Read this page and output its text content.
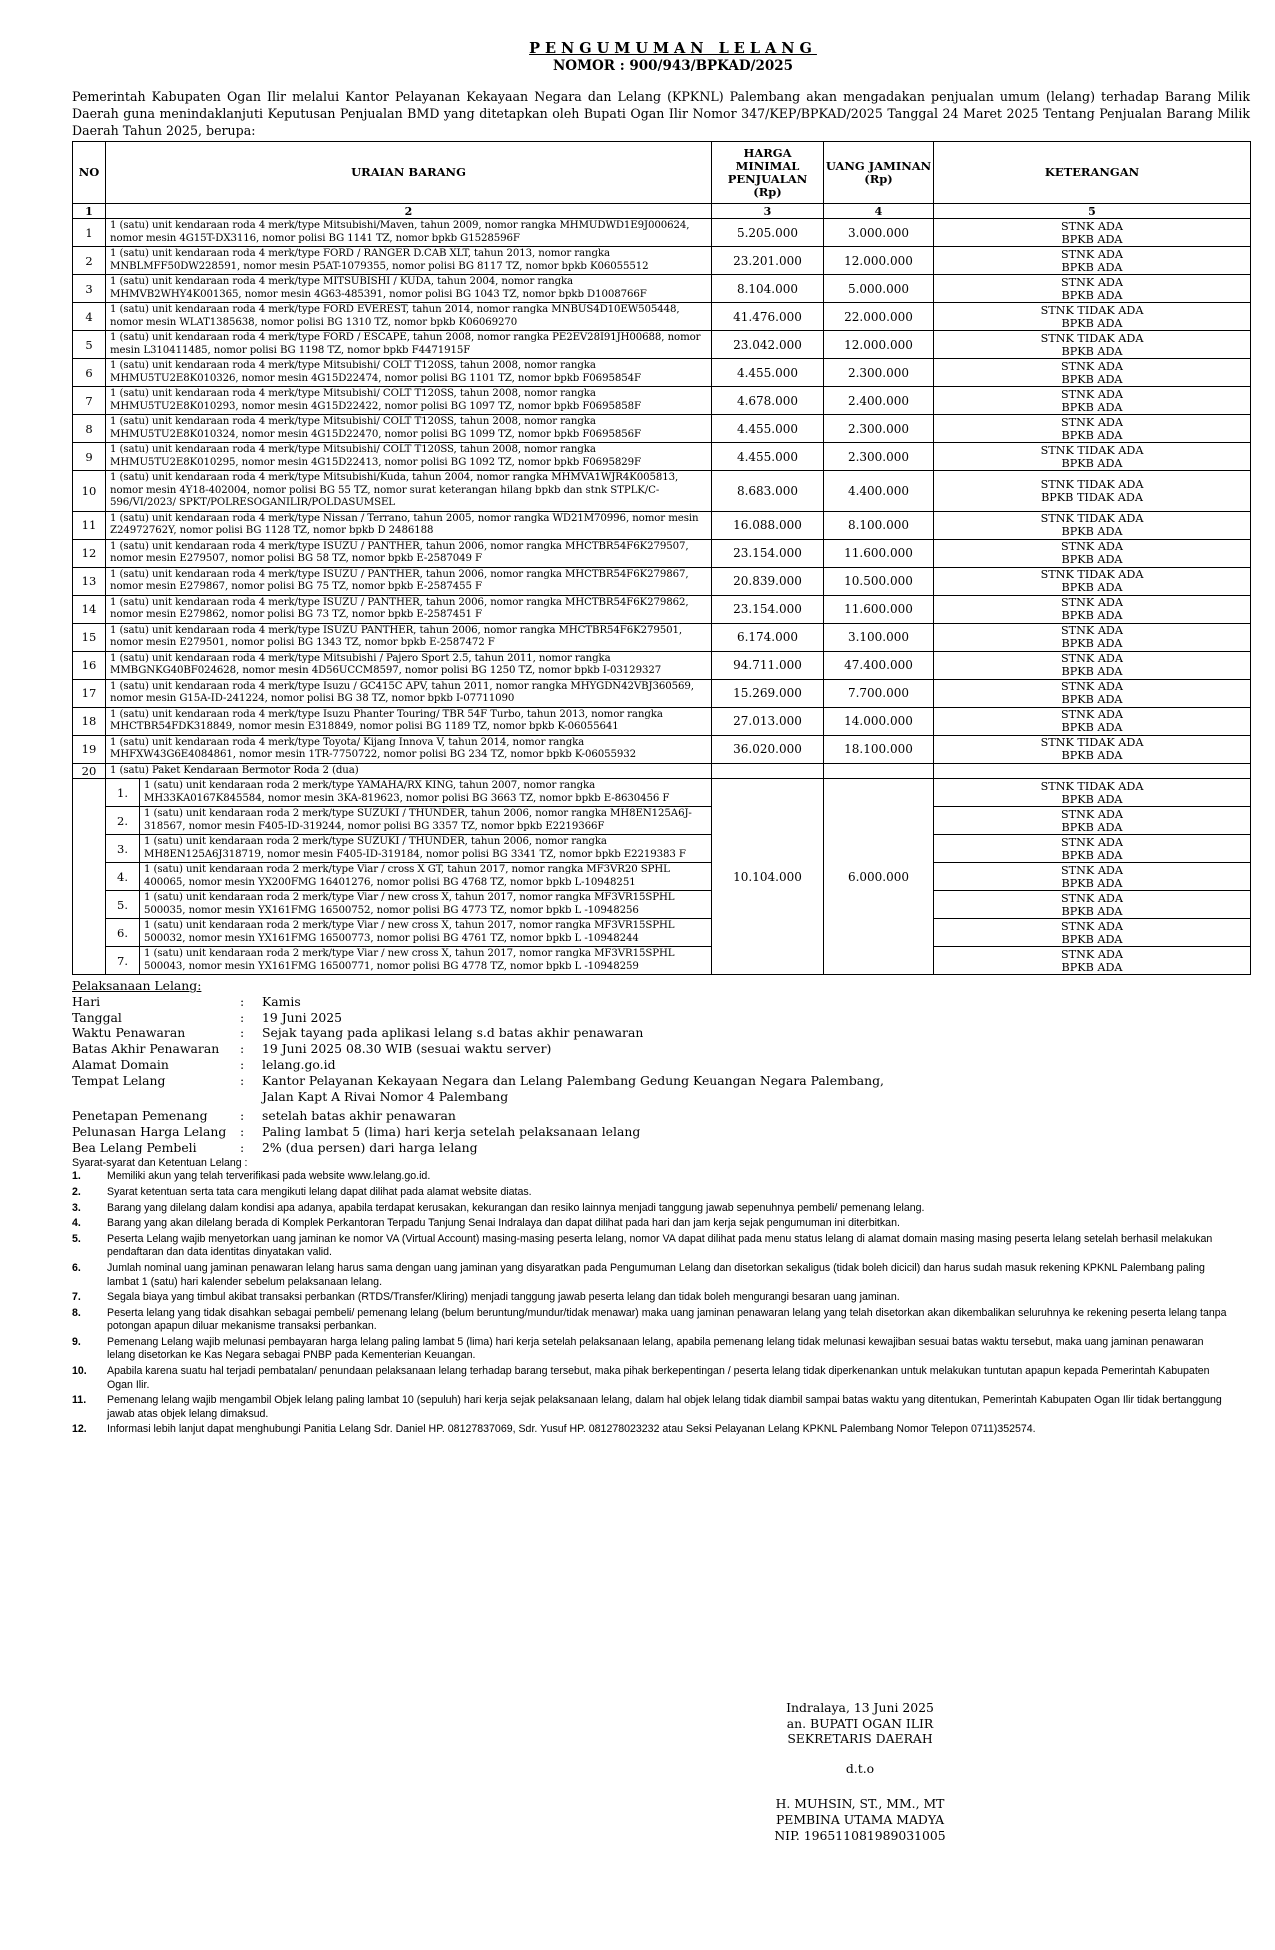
PENGUMUMAN LELANG
NOMOR : 900/943/BPKAD/2025
Pemerintah Kabupaten Ogan Ilir melalui Kantor Pelayanan Kekayaan Negara dan Lelang (KPKNL) Palembang akan mengadakan penjualan umum (lelang) terhadap Barang Milik Daerah guna menindaklanjuti Keputusan Penjualan BMD yang ditetapkan oleh Bupati Ogan Ilir Nomor 347/KEP/BPKAD/2025 Tanggal 24 Maret 2025 Tentang Penjualan Barang Milik Daerah Tahun 2025, berupa:
NO	URAIAN BARANG		HARGA MINIMAL PENJUALAN (Rp)	UANG JAMINAN (Rp)	KETERANGAN
1	2		3	4	5
1	1 (satu) unit kendaraan roda 4 merk/type Mitsubishi/Maven, tahun 2009, nomor rangka MHMUDWD1E9J000624, nomor mesin 4G15T-DX3116, nomor polisi BG 1141 TZ, nomor bpkb G1528596F		5.205.000	3.000.000	STNK ADA
BPKB ADA

2	1 (satu) unit kendaraan roda 4 merk/type FORD / RANGER D.CAB XLT, tahun 2013, nomor rangka MNBLMFF50DW228591, nomor mesin P5AT-1079355, nomor polisi BG 8117 TZ, nomor bpkb K06055512		23.201.000	12.000.000	STNK ADA
BPKB ADA

3	1 (satu) unit kendaraan roda 4 merk/type MITSUBISHI / KUDA, tahun 2004, nomor rangka MHMVB2WHY4K001365, nomor mesin 4G63-485391, nomor polisi BG 1043 TZ, nomor bpkb D1008766F		8.104.000	5.000.000	STNK ADA
BPKB ADA

4	1 (satu) unit kendaraan roda 4 merk/type FORD EVEREST, tahun 2014, nomor rangka MNBUS4D10EW505448, nomor mesin WLAT1385638, nomor polisi BG 1310 TZ, nomor bpkb K06069270		41.476.000	22.000.000	STNK TIDAK ADA
BPKB ADA

5	1 (satu) unit kendaraan roda 4 merk/type FORD / ESCAPE, tahun 2008, nomor rangka PE2EV28I91JH00688, nomor mesin L310411485, nomor polisi BG 1198 TZ, nomor bpkb F4471915F		23.042.000	12.000.000	STNK TIDAK ADA
BPKB ADA

6	1 (satu) unit kendaraan roda 4 merk/type Mitsubishi/ COLT T120SS, tahun 2008, nomor rangka MHMU5TU2E8K010326, nomor mesin 4G15D22474, nomor polisi BG 1101 TZ, nomor bpkb F0695854F		4.455.000	2.300.000	STNK ADA
BPKB ADA

7	1 (satu) unit kendaraan roda 4 merk/type Mitsubishi/ COLT T120SS, tahun 2008, nomor rangka MHMU5TU2E8K010293, nomor mesin 4G15D22422, nomor polisi BG 1097 TZ, nomor bpkb F0695858F		4.678.000	2.400.000	STNK ADA
BPKB ADA

8	1 (satu) unit kendaraan roda 4 merk/type Mitsubishi/ COLT T120SS, tahun 2008, nomor rangka MHMU5TU2E8K010324, nomor mesin 4G15D22470, nomor polisi BG 1099 TZ, nomor bpkb F0695856F		4.455.000	2.300.000	STNK ADA
BPKB ADA

9	1 (satu) unit kendaraan roda 4 merk/type Mitsubishi/ COLT T120SS, tahun 2008, nomor rangka MHMU5TU2E8K010295, nomor mesin 4G15D22413, nomor polisi BG 1092 TZ, nomor bpkb F0695829F		4.455.000	2.300.000	STNK TIDAK ADA
BPKB ADA

10	1 (satu) unit kendaraan roda 4 merk/type Mitsubishi/Kuda, tahun 2004, nomor rangka MHMVA1WJR4K005813, nomor mesin 4Y18-402004, nomor polisi BG 55 TZ, nomor surat keterangan hilang bpkb dan stnk STPLK/C-596/VI/2023/ SPKT/POLRESOGANILIR/POLDASUMSEL		8.683.000	4.400.000	STNK TIDAK ADA
BPKB TIDAK ADA

11	1 (satu) unit kendaraan roda 4 merk/type Nissan / Terrano, tahun 2005, nomor rangka WD21M70996, nomor mesin Z24972762Y, nomor polisi BG 1128 TZ, nomor bpkb D 2486188		16.088.000	8.100.000	STNK TIDAK ADA
BPKB ADA

12	1 (satu) unit kendaraan roda 4 merk/type ISUZU / PANTHER, tahun 2006, nomor rangka MHCTBR54F6K279507, nomor mesin E279507, nomor polisi BG 58 TZ, nomor bpkb E-2587049 F		23.154.000	11.600.000	STNK ADA
BPKB ADA

13	1 (satu) unit kendaraan roda 4 merk/type ISUZU / PANTHER, tahun 2006, nomor rangka MHCTBR54F6K279867, nomor mesin E279867, nomor polisi BG 75 TZ, nomor bpkb E-2587455 F		20.839.000	10.500.000	STNK TIDAK ADA
BPKB ADA

14	1 (satu) unit kendaraan roda 4 merk/type ISUZU / PANTHER, tahun 2006, nomor rangka MHCTBR54F6K279862, nomor mesin E279862, nomor polisi BG 73 TZ, nomor bpkb E-2587451 F		23.154.000	11.600.000	STNK ADA
BPKB ADA

15	1 (satu) unit kendaraan roda 4 merk/type ISUZU PANTHER, tahun 2006, nomor rangka MHCTBR54F6K279501, nomor mesin E279501, nomor polisi BG 1343 TZ, nomor bpkb E-2587472 F		6.174.000	3.100.000	STNK ADA
BPKB ADA

16	1 (satu) unit kendaraan roda 4 merk/type Mitsubishi / Pajero Sport 2.5, tahun 2011, nomor rangka MMBGNKG40BF024628, nomor mesin 4D56UCCM8597, nomor polisi BG 1250 TZ, nomor bpkb I-03129327		94.711.000	47.400.000	STNK ADA
BPKB ADA

17	1 (satu) unit kendaraan roda 4 merk/type Isuzu / GC415C APV, tahun 2011, nomor rangka MHYGDN42VBJ360569, nomor mesin G15A-ID-241224, nomor polisi BG 38 TZ, nomor bpkb I-07711090		15.269.000	7.700.000	STNK ADA
BPKB ADA

18	1 (satu) unit kendaraan roda 4 merk/type Isuzu Phanter Touring/ TBR 54F Turbo, tahun 2013, nomor rangka MHCTBR54FDK318849, nomor mesin E318849, nomor polisi BG 1189 TZ, nomor bpkb K-06055641		27.013.000	14.000.000	STNK ADA
BPKB ADA

19	1 (satu) unit kendaraan roda 4 merk/type Toyota/ Kijang Innova V, tahun 2014, nomor rangka MHFXW43G6E4084861, nomor mesin 1TR-7750722, nomor polisi BG 234 TZ, nomor bpkb K-06055932		36.020.000	18.100.000	STNK TIDAK ADA
BPKB ADA

20	1 (satu) Paket Kendaraan Bermotor Roda 2 (dua)				
	1.	1 (satu) unit kendaraan roda 2 merk/type YAMAHA/RX KING, tahun 2007, nomor rangka MH33KA0167K845584, nomor mesin 3KA-819623, nomor polisi BG 3663 TZ, nomor bpkb E-8630456 F	10.104.000	6.000.000	STNK TIDAK ADA
BPKB ADA

	2.	1 (satu) unit kendaraan roda 2 merk/type SUZUKI / THUNDER, tahun 2006, nomor rangka MH8EN125A6J-318567, nomor mesin F405-ID-319244, nomor polisi BG 3357 TZ, nomor bpkb E2219366F			STNK ADA
BPKB ADA

	3.	1 (satu) unit kendaraan roda 2 merk/type SUZUKI / THUNDER, tahun 2006, nomor rangka MH8EN125A6J318719, nomor mesin F405-ID-319184, nomor polisi BG 3341 TZ, nomor bpkb E2219383 F			STNK ADA
BPKB ADA

	4.	1 (satu) unit kendaraan roda 2 merk/type Viar / cross X GT, tahun 2017, nomor rangka MF3VR20 SPHL 400065, nomor mesin YX200FMG 16401276, nomor polisi BG 4768 TZ, nomor bpkb L-10948251			STNK ADA
BPKB ADA

	5.	1 (satu) unit kendaraan roda 2 merk/type Viar / new cross X, tahun 2017, nomor rangka MF3VR15SPHL 500035, nomor mesin YX161FMG 16500752, nomor polisi BG 4773 TZ, nomor bpkb L -10948256			STNK ADA
BPKB ADA

	6.	1 (satu) unit kendaraan roda 2 merk/type Viar / new cross X, tahun 2017, nomor rangka MF3VR15SPHL 500032, nomor mesin YX161FMG 16500773, nomor polisi BG 4761 TZ, nomor bpkb L -10948244			STNK ADA
BPKB ADA

	7.	1 (satu) unit kendaraan roda 2 merk/type Viar / new cross X, tahun 2017, nomor rangka MF3VR15SPHL 500043, nomor mesin YX161FMG 16500771, nomor polisi BG 4778 TZ, nomor bpkb L -10948259			STNK ADA
BPKB ADA
Pelaksanaan Lelang:
Hari	:	Kamis

Tanggal	:	19 Juni 2025

Waktu Penawaran	:	Sejak tayang pada aplikasi lelang s.d batas akhir penawaran

Batas Akhir Penawaran	:	19 Juni 2025 08.30 WIB (sesuai waktu server)

Alamat Domain	:	lelang.go.id

Tempat Lelang	:	Kantor Pelayanan Kekayaan Negara dan Lelang Palembang Gedung Keuangan Negara Palembang,
Jalan Kapt A Rivai Nomor 4 Palembang

Penetapan Pemenang	:	setelah batas akhir penawaran

Pelunasan Harga Lelang	:	Paling lambat 5 (lima) hari kerja setelah pelaksanaan lelang

Bea Lelang Pembeli	:	2% (dua persen) dari harga lelang
Syarat-syarat dan Ketentuan Lelang :
1.	Memiliki akun yang telah terverifikasi pada website www.lelang.go.id.
2.	Syarat ketentuan serta tata cara mengikuti lelang dapat dilihat pada alamat website diatas.
3.	Barang yang dilelang dalam kondisi apa adanya, apabila terdapat kerusakan, kekurangan dan resiko lainnya menjadi tanggung jawab sepenuhnya pembeli/ pemenang lelang.
4.	Barang yang akan dilelang berada di Komplek Perkantoran Terpadu Tanjung Senai Indralaya dan dapat dilihat pada hari dan jam kerja sejak pengumuman ini diterbitkan.
5.	Peserta Lelang wajib menyetorkan uang jaminan ke nomor VA (Virtual Account) masing-masing peserta lelang, nomor VA dapat dilihat pada menu status lelang di alamat domain masing masing peserta lelang setelah berhasil melakukan pendaftaran dan data identitas dinyatakan valid.
6.	Jumlah nominal uang jaminan penawaran lelang harus sama dengan uang jaminan yang disyaratkan pada Pengumuman Lelang dan disetorkan sekaligus (tidak boleh dicicil) dan harus sudah masuk rekening KPKNL Palembang paling lambat 1 (satu) hari kalender sebelum pelaksanaan lelang.
7.	Segala biaya yang timbul akibat transaksi perbankan (RTDS/Transfer/Kliring) menjadi tanggung jawab peserta lelang dan tidak boleh mengurangi besaran uang jaminan.
8.	Peserta lelang yang tidak disahkan sebagai pembeli/ pemenang lelang (belum beruntung/mundur/tidak menawar) maka uang jaminan penawaran lelang yang telah disetorkan akan dikembalikan seluruhnya ke rekening peserta lelang tanpa potongan apapun diluar mekanisme transaksi perbankan.
9.	Pemenang Lelang wajib melunasi pembayaran harga lelang paling lambat 5 (lima) hari kerja setelah pelaksanaan lelang, apabila pemenang lelang tidak melunasi kewajiban sesuai batas waktu tersebut, maka uang jaminan penawaran lelang disetorkan ke Kas Negara sebagai PNBP pada Kementerian Keuangan.
10.	Apabila karena suatu hal terjadi pembatalan/ penundaan pelaksanaan lelang terhadap barang tersebut, maka pihak berkepentingan / peserta lelang tidak diperkenankan untuk melakukan tuntutan apapun kepada Pemerintah Kabupaten Ogan Ilir.
11.	Pemenang lelang wajib mengambil Objek lelang paling lambat 10 (sepuluh) hari kerja sejak pelaksanaan lelang, dalam hal objek lelang tidak diambil sampai batas waktu yang ditentukan, Pemerintah Kabupaten Ogan Ilir tidak bertanggung jawab atas objek lelang dimaksud.
12.	Informasi lebih lanjut dapat menghubungi Panitia Lelang Sdr. Daniel HP. 08127837069, Sdr. Yusuf HP. 081278023232 atau Seksi Pelayanan Lelang KPKNL Palembang Nomor Telepon 0711)352574.
Indralaya, 13 Juni 2025
an. BUPATI OGAN ILIR
SEKRETARIS DAERAH
d.t.o
H. MUHSIN, ST., MM., MT
PEMBINA UTAMA MADYA
NIP. 196511081989031005
